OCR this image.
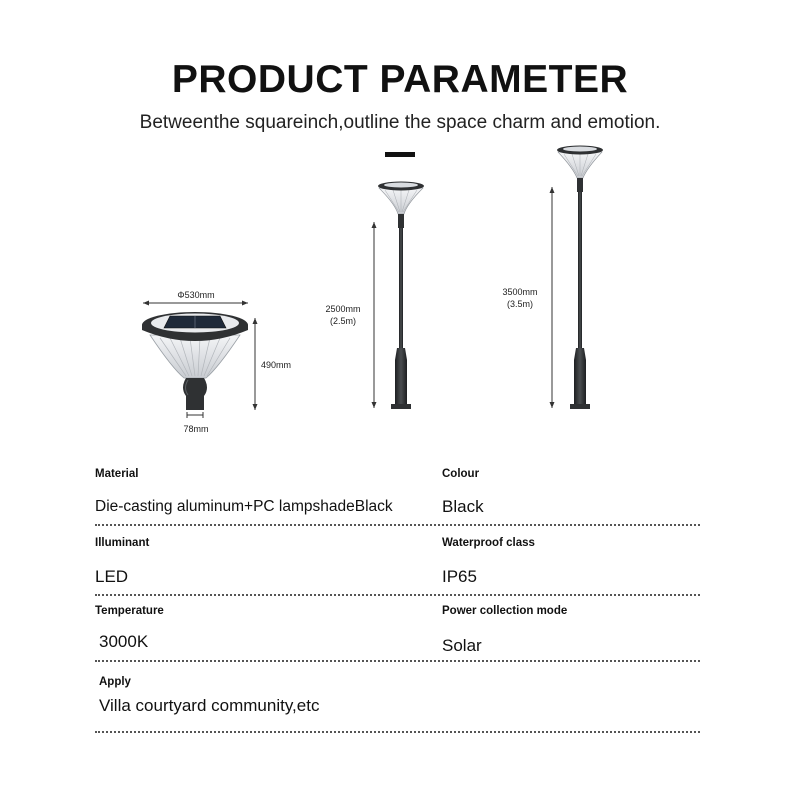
PRODUCT PARAMETER
Betweenthe squareinch,outline the space charm and emotion.
Φ530mm
490mm
78mm
2500mm
(2.5m)
3500mm
(3.5m)
Material
Die-casting aluminum+PC lampshadeBlack
Colour
Black
Illuminant
LED
Waterproof class
IP65
Temperature
3000K
Power collection mode
Solar
Apply
Villa courtyard community,etc
